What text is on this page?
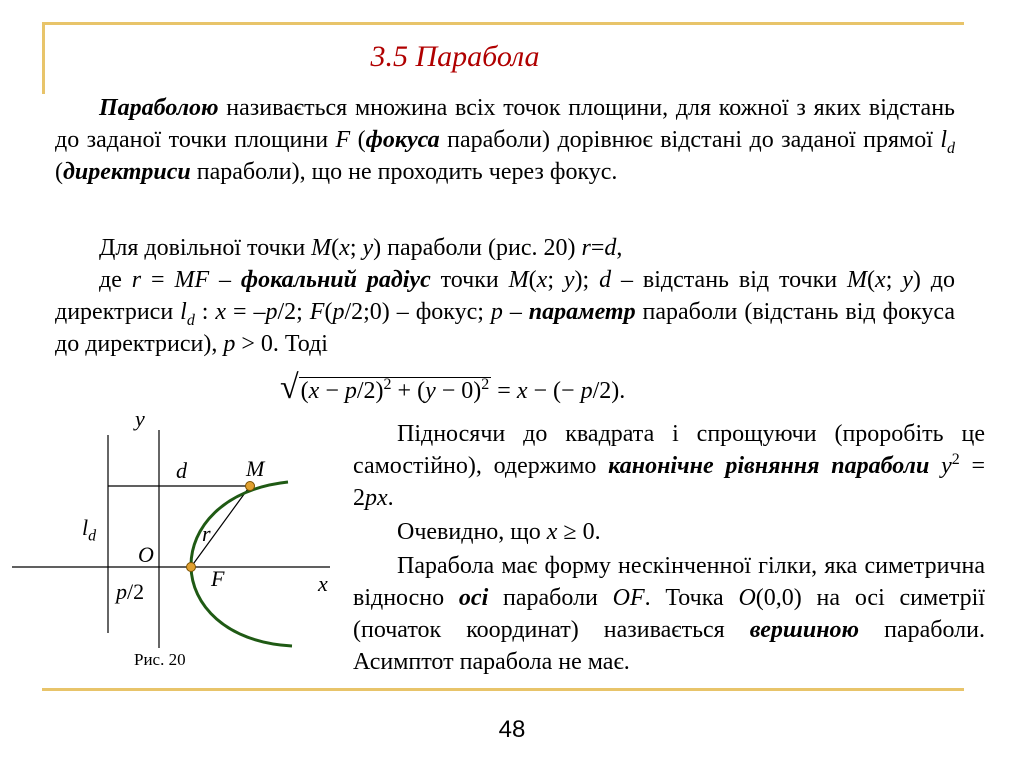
3.5 Парабола

Параболою називається множина всіх точок площини, для кожної з яких відстань до заданої точки площини F (фокуса параболи) дорівнює відстані до заданої прямої $l_d$ (директриси параболи), що не проходить через фокус.

Для довільної точки M(x; y) параболи (рис. 20) r=d,

де r = MF – фокальний радіус точки M(x; y); d – відстань від точки M(x; y) до директриси $l_d$ : x = –p/2; F(p/2;0) – фокус; p – параметр параболи (відстань від фокуса до директриси), p > 0. Тоді

$√(x - p/2)^2 + (y - 0)^2 = x$ − (− p/2).

Підносячи до квадрата і спрощуючи (проробіть це самостійно), одержимо канонічне рівняння параболи $y^2 = 2px$.

Очевидно, що x ≥ 0.

Парабола має форму нескінченної гілки, яка симетрична відносно осі параболи OF. Точка O(0,0) на осі симетрії (початок координат) називається вершиною параболи. Асимптот парабола не має.

y
x
d	M
r
$l_d$
O
F
p/2
Рис. 20
48
